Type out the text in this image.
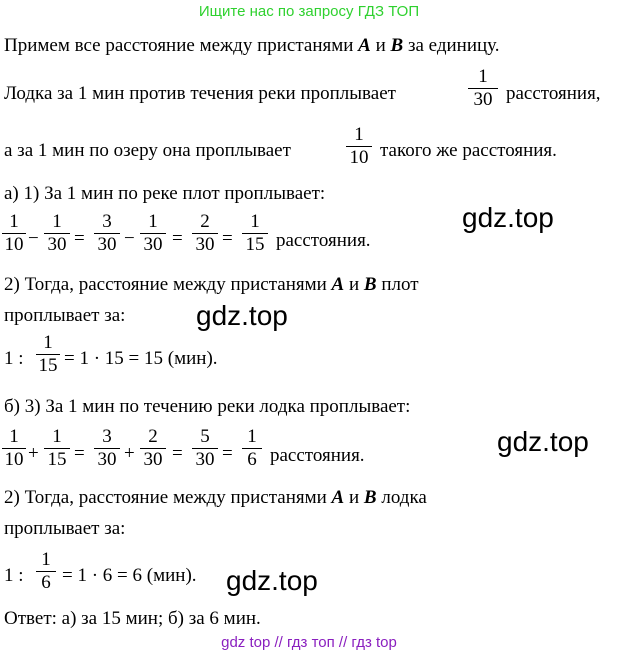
Ищите нас по запросу ГДЗ ТОП
gdz top // гдз топ // гдз top
gdz.top
gdz.top
gdz.top
gdz.top
Примем все расстояние между пристанями A и B за единицу.
Лодка за 1 мин против течения реки проплывает
1
30 расстояния,
а за 1 мин по озеру она проплывает
1
10 такого же расстояния.
а) 1) За 1 мин по реке плот проплывает:
1
10 −
1
30 =
3
30 −
1
30 =
2
30 =
1
15 расстояния.
2) Тогда, расстояние между пристанями A и B плот
проплывает за:
1 :
1
15 = 1 · 15 = 15 (мин).
б) 3) За 1 мин по течению реки лодка проплывает:
1
10 +
1
15 =
3
30 +
2
30 =
5
30 =
1
6 расстояния.
2) Тогда, расстояние между пристанями A и B лодка
проплывает за:
1 :
1
6 = 1 · 6 = 6 (мин).
Ответ: а) за 15 мин; б) за 6 мин.
